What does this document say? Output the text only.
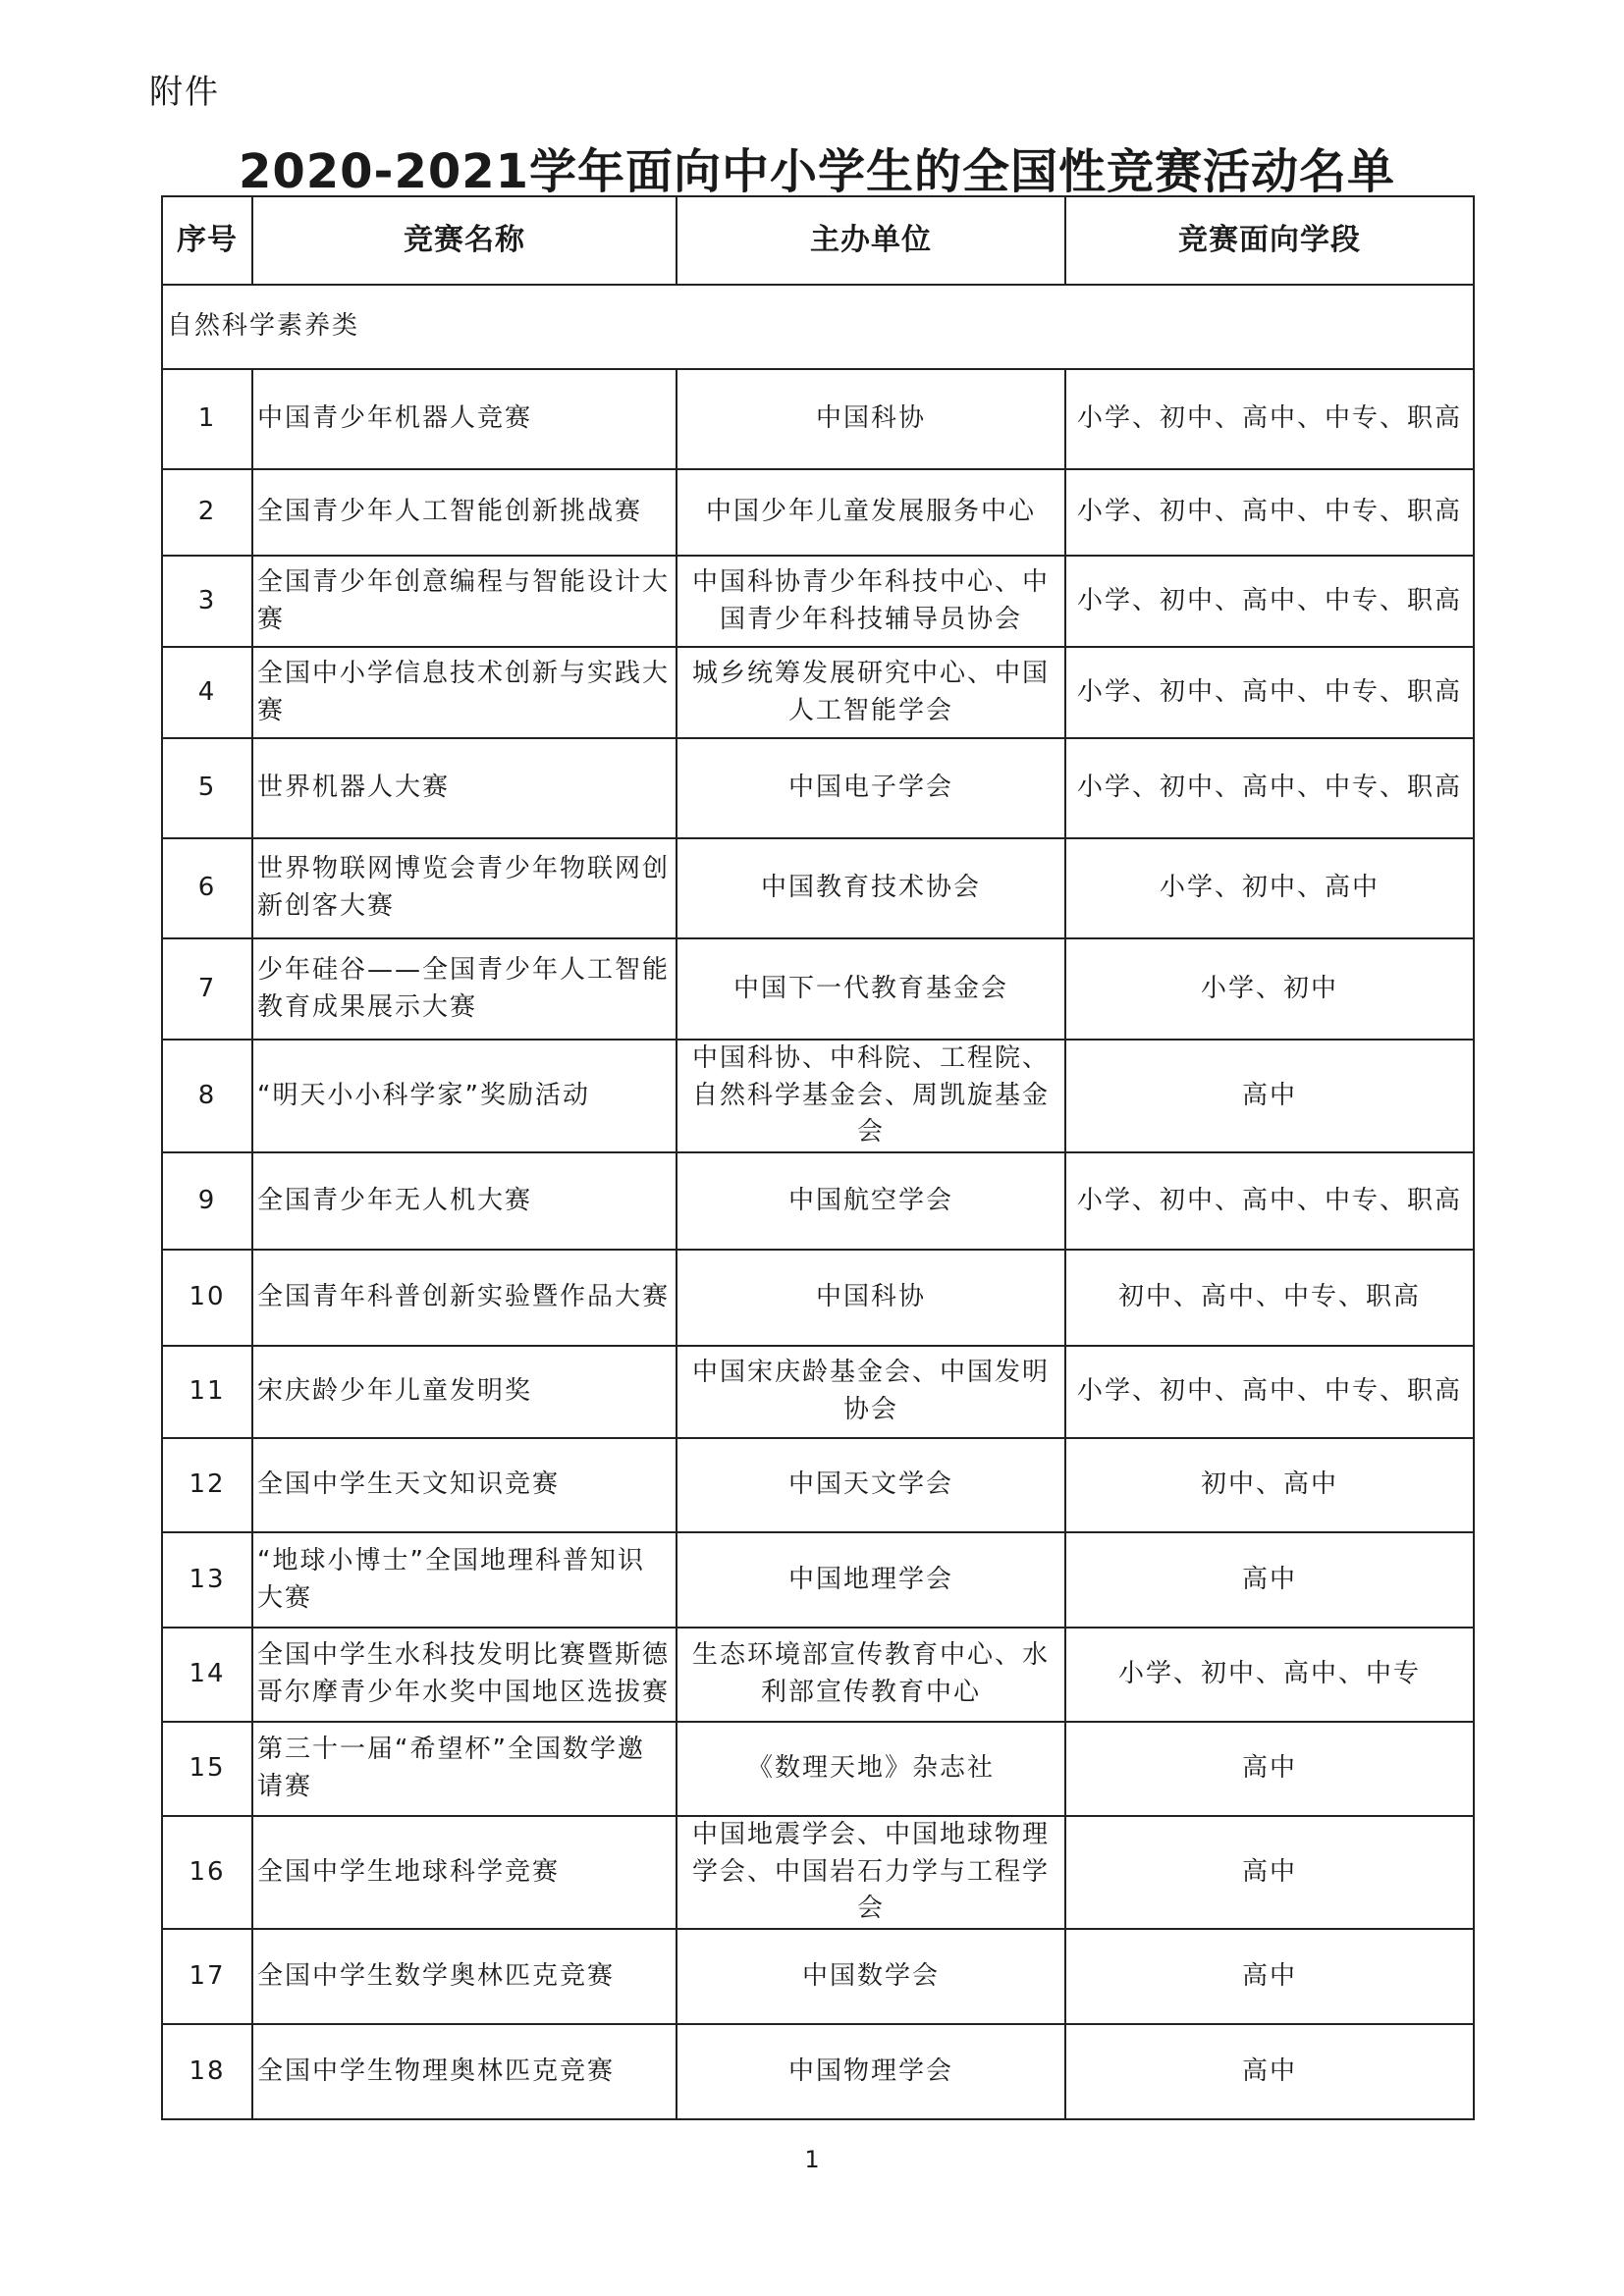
附件
2020-2021学年面向中小学生的全国性竞赛活动名单
序号	竞赛名称	主办单位	竞赛面向学段
自然科学素养类			
1	中国青少年机器人竞赛	中国科协	小学、初中、高中、中专、职高
2	全国青少年人工智能创新挑战赛	中国少年儿童发展服务中心	小学、初中、高中、中专、职高
3	全国青少年创意编程与智能设计大赛	中国科协青少年科技中心、中国青少年科技辅导员协会	小学、初中、高中、中专、职高
4	全国中小学信息技术创新与实践大赛	城乡统筹发展研究中心、中国人工智能学会	小学、初中、高中、中专、职高
5	世界机器人大赛	中国电子学会	小学、初中、高中、中专、职高
6	世界物联网博览会青少年物联网创新创客大赛	中国教育技术协会	小学、初中、高中
7	少年硅谷——全国青少年人工智能教育成果展示大赛	中国下一代教育基金会	小学、初中
8	“明天小小科学家”奖励活动	中国科协、中科院、工程院、自然科学基金会、周凯旋基金会	高中
9	全国青少年无人机大赛	中国航空学会	小学、初中、高中、中专、职高
10	全国青年科普创新实验暨作品大赛	中国科协	初中、高中、中专、职高
11	宋庆龄少年儿童发明奖	中国宋庆龄基金会、中国发明协会	小学、初中、高中、中专、职高
12	全国中学生天文知识竞赛	中国天文学会	初中、高中
13	“地球小博士”全国地理科普知识大赛	中国地理学会	高中
14	全国中学生水科技发明比赛暨斯德哥尔摩青少年水奖中国地区选拔赛	生态环境部宣传教育中心、水利部宣传教育中心	小学、初中、高中、中专
15	第三十一届“希望杯”全国数学邀请赛	《数理天地》杂志社	高中
16	全国中学生地球科学竞赛	中国地震学会、中国地球物理学会、中国岩石力学与工程学会	高中
17	全国中学生数学奥林匹克竞赛	中国数学会	高中
18	全国中学生物理奥林匹克竞赛	中国物理学会	高中
1
